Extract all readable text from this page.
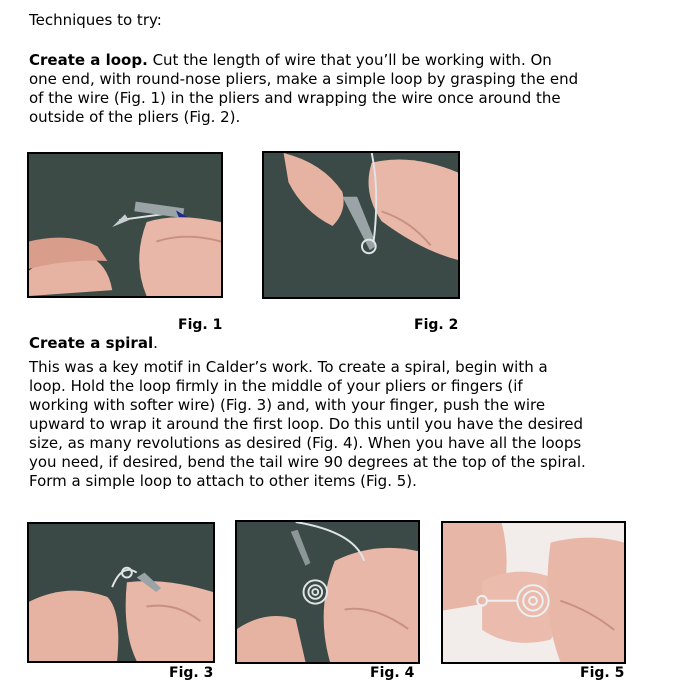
Techniques to try:
Create a loop. Cut the length of wire that you’ll be working with. On
one end, with round-nose pliers, make a simple loop by grasping the end
of the wire (Fig. 1) in the pliers and wrapping the wire once around the
outside of the pliers (Fig. 2).
Fig. 1	Fig. 2
Create a spiral.
This was a key motif in Calder’s work. To create a spiral, begin with a
loop. Hold the loop firmly in the middle of your pliers or fingers (if
working with softer wire) (Fig. 3) and, with your finger, push the wire
upward to wrap it around the first loop. Do this until you have the desired
size, as many revolutions as desired (Fig. 4). When you have all the loops
you need, if desired, bend the tail wire 90 degrees at the top of the spiral.
Form a simple loop to attach to other items (Fig. 5).
Fig. 3	Fig. 4	Fig. 5
